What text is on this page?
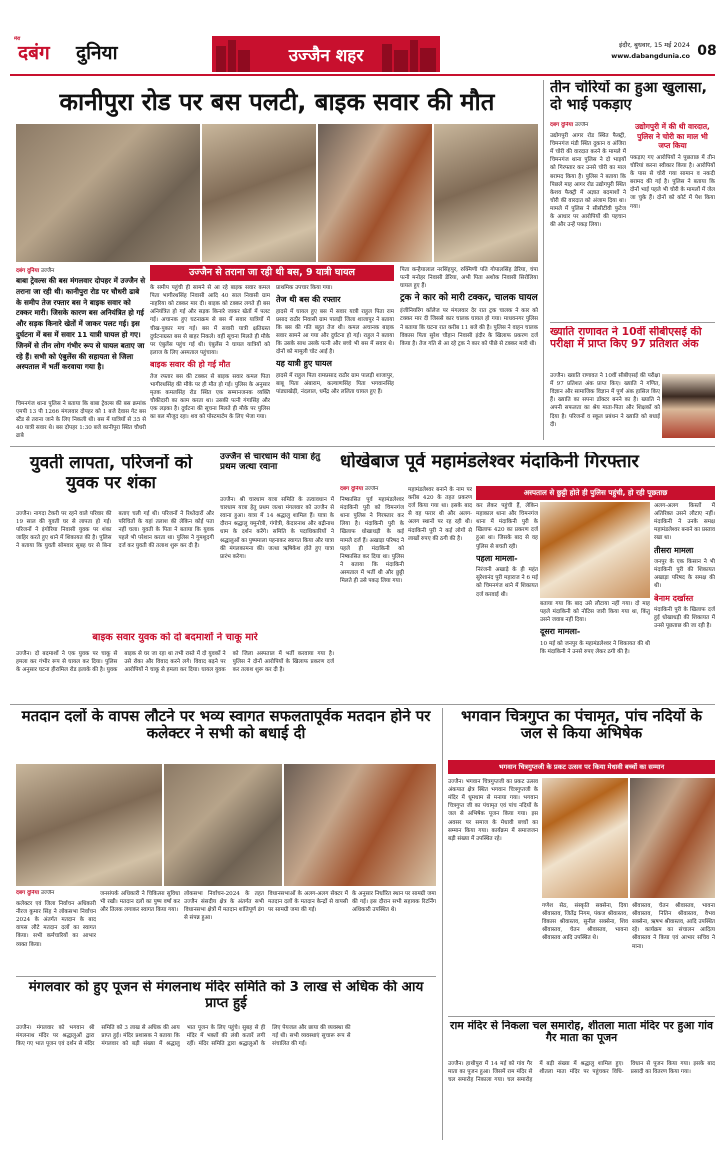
मेरा
दबंग दुनिया	उज्जैन शहर
इंदौर, बुधवार, 15 मई 2024
www.dabangdunia.co 08
कानीपुरा रोड पर बस पलटी, बाइक सवार की मौत
दबंग दुनिया उज्जैन
बाबा ट्रेवल्स की बस मंगलवार दोपहर में उज्जैन से तराना जा रही थी। कानीपुरा रोड पर चौधरी ढाबे के समीप तेज रफ्तार बस ने बाइक सवार को टक्कर मारी। जिसके कारण बस अनियंत्रित हो गई और सड़क किनारे खेतों में जाकर पलट गई। इस दुर्घटना में बस में सवार 11 यात्री घायल हो गए। जिनमें से तीन लोग गंभीर रूप से घायल बताए जा रहे हैं। सभी को एंबुलेंस की सहायता से जिला अस्पताल में भर्ती करवाया गया है।
चिमनगंज थाना पुलिस ने बताया कि बाबा ट्रेवल्स की बस क्रमांक एमपी 13 पी 1266 मंगलवार दोपहर को 1 बजे देवास गेट बस स्टैंड से तराना जाने के लिए निकली थी। बस में यात्रियों से 35 से 40 यात्री सवार थे। बस दोपहर 1:30 बजे कानीपुरा स्थित चौधरी ढाबे
उज्जैन से तराना जा रही थी बस, 9 यात्री घायल
के समीप पहुंची ही सामने से आ रहे बाइक सवार कमल पिता भागीरथसिंह निवासी आदि 40 साल निवासी ग्राम नाहरिया को टक्कर मार दी। बाइक को टक्कर लगते ही बस अनियंत्रित हो गई और सड़क किनारे जाकर खेतों में पलट गई। अचानक हुए घटनाक्रम से बस में सवार यात्रियों में चीख-पुकार मच गई। बस में सवारी यात्री क्षतिग्रस्त दुर्घटनाग्रस्त बस से बाहर निकले। वहीं सूचना मिलते ही मौके पर एंबुलेंस पहुंच गई थी। एंबुलेंस ने घायल यात्रियों को इलाज के लिए अस्पताल पहुंचाया।
बाइक सवार की हो गई मौत
तेज रफ्तार बस की टक्कर से बाइक सवार कमल पिता भागीरथसिंह की मौके पर ही मौत हो गई। पुलिस के अनुसार मृतक कमलसिंह रोड स्थित एक सम्मानजनक व्यक्ति चौकीदारी का काम करता था। उसकी पत्नी गंगासिंह और एक लड़का है। दुर्घटना की सूचना मिलते ही मौके पर पुलिस का बल मौजूद रहा। शव को पोस्टमार्टम के लिए भेजा गया।
प्राथमिक उपचार किया गया।
तेज थी बस की रफ्तार
हादसे में घायल हुए बस में सवार यात्री राहुल पिता राम प्रसाद राठौर निवासी ग्राम पालड़ी जिला शाजापुर ने बताया कि बस की गति बहुत तेज थी। कमल अचानक बाइक सवार सामने आ गया और दुर्घटना हो गई। राहुल ने बताया कि उसके साथ उसके पत्नी और बच्चे भी बस में सवार थे। दोनों को मामूली चोट आई है।
यह यात्री हुए घायल
हादसे में राहुल पिता रामप्रसाद राठौर ग्राम पालड़ी शाजापुर, बाबू पिता अंबाराम, कल्याणसिंह पिता भगवानसिंह पांड्याखेड़ी, नंदलाल, धर्मेंद्र और ललिता घायल हुए हैं।
पिता कन्हैयालाल नरसिंहपुर, रुक्मिणी पति गोपालसिंह डेरिया, चंपा पत्नी मनोहर निवासी डेरिया, अभी पिता अशोक निवासी सिरोलिया घायल हुए हैं।
ट्रक ने कार को मारी टक्कर, चालक घायल
इंजीनियरिंग कॉलेज पर मंगलवार देर रात ट्रक चालक ने कार को टक्कर मार दी जिससे कार चालक घायल हो गया। माधवनगर पुलिस ने बताया कि घटना रात करीब 11 बजे की है। पुलिस ने वाहन चालक विकास पिता सुरेश चौहान निवासी इंदौर के खिलाफ प्रकरण दर्ज किया है। तेज गति से आ रहे ट्रक ने कार को पीछे से टक्कर मारी थी।
तीन चोरियों का हुआ खुलासा, दो भाई पकड़ाए
दबंग दुनिया उज्जैन
उद्योगपुरी आगर रोड स्थित फैक्ट्री, चिमनगंज मंडी स्थित दुकान व अंजिरा में चोरी की वारदात करने के मामले में चिमनगंज थाना पुलिस ने दो भाइयों को गिरफ्तार कर उनसे चोरी का माल बरामद किया है। पुलिस ने बताया कि पिछले माह आगर रोड उद्योगपुरी स्थित केशव फैक्ट्री में अज्ञात बदमाशों ने चोरी की वारदात को अंजाम दिया था। मामले में पुलिस ने सीसीटीवी फुटेज के आधार पर आरोपियों की पहचान की और उन्हें पकड़ लिया।
उद्योगपुरी में की थी वारदात, पुलिस ने चोरी का माल भी जप्त किया
पकड़ाए गए आरोपियों ने पूछताछ में तीन चोरियां करना स्वीकार किया है। आरोपियों के पास से चोरी गया सामान व नकदी बरामद की गई है। पुलिस ने बताया कि दोनों भाई पहले भी चोरी के मामलों में जेल जा चुके हैं। दोनों को कोर्ट में पेश किया गया।
ख्याति राणावत ने 10वीं सीबीएसई की परीक्षा में प्राप्त किए 97 प्रतिशत अंक
उज्जैन। ख्याति राणावत ने 10वीं सीबीएसई की परीक्षा में 97 प्रतिशत अंक प्राप्त किए। ख्याति ने गणित, विज्ञान और सामाजिक विज्ञान में पूर्ण अंक हासिल किए हैं। ख्याति का सपना डॉक्टर बनने का है। ख्याति ने अपनी सफलता का श्रेय माता-पिता और शिक्षकों को दिया है। परिजनों व स्कूल प्रबंधन ने ख्याति को बधाई दी।
युवती लापता, परिजनों को युवक पर शंका
उज्जैन। नागदा टेकरी पर रहने वाले परिवार की 19 साल की युवती घर से लापता हो गई। परिजनों ने इंगोरिया निवासी युवक पर शंका जाहिर करते हुए थाने में शिकायत की है। पुलिस ने बताया कि युवती सोमवार सुबह घर से बिना बताए चली गई थी। परिजनों ने रिश्तेदारों और परिचितों के यहां तलाश की लेकिन कोई पता नहीं चला। युवती के पिता ने बताया कि युवक पहले भी परेशान करता था। पुलिस ने गुमशुदगी दर्ज कर युवती की तलाश शुरू कर दी है।
बाइक सवार युवक को दो बदमाशों ने चाकू मारे
उज्जैन। दो बदमाशों ने एक युवक पर चाकू से हमला कर गंभीर रूप से घायल कर दिया। पुलिस के अनुसार घटना हीरामिल रोड इलाके की है। युवक बाइक से घर जा रहा था तभी रास्ते में दो युवकों ने उसे रोका और विवाद करने लगे। विवाद बढ़ने पर आरोपियों ने चाकू से हमला कर दिया। घायल युवक को जिला अस्पताल में भर्ती करवाया गया है। पुलिस ने दोनों आरोपियों के खिलाफ प्रकरण दर्ज कर तलाश शुरू कर दी है।
उज्जैन से चारधाम की यात्रा हेतु प्रथम जत्था रवाना
उज्जैन। श्री चारधाम यात्रा समिति के तत्वावधान में चारधाम यात्रा हेतु प्रथम जत्था मंगलवार को उज्जैन से रवाना हुआ। यात्रा में 14 श्रद्धालु शामिल हैं। यात्रा के दौरान श्रद्धालु यमुनोत्री, गंगोत्री, केदारनाथ और बद्रीनाथ धाम के दर्शन करेंगे। समिति के पदाधिकारियों ने श्रद्धालुओं का पुष्पमाला पहनाकर स्वागत किया और यात्रा की मंगलकामना की। जत्था ऋषिकेश होते हुए यात्रा प्रारंभ करेगा।
धोखेबाज पूर्व महामंडलेश्वर मंदाकिनी गिरफ्तार
दबंग दुनिया उज्जैन
निष्कासित पूर्व महामंडलेश्वर मंदाकिनी पुरी को चिमनगंज थाना पुलिस ने गिरफ्तार कर लिया है। मंदाकिनी पुरी के खिलाफ धोखाधड़ी के कई मामले दर्ज हैं। अखाड़ा परिषद ने पहले ही मंदाकिनी को निष्कासित कर दिया था। पुलिस ने बताया कि मंदाकिनी अस्पताल में भर्ती थी और छुट्टी मिलते ही उसे पकड़ लिया गया।
महामंडलेश्वर बनाने के नाम पर करीब 420 के तहत प्रकरण दर्ज किया गया था। इसके बाद से वह फरार थी और अलग-अलग स्थानों पर रह रही थी। मंदाकिनी पुरी ने कई लोगों से लाखों रुपए की ठगी की है।
अस्पताल से छुट्टी होते ही पुलिस पहुंची, हो रही पूछताछ
कर लेकर पहुंची हैं, लेकिन महाकाल थाना और चिमनगंज थाना में मंदाकिनी पुरी के खिलाफ 420 का प्रकरण दर्ज हुआ था। जिसके बाद से वह पुलिस से बचती रही।
पहला मामला-
निरंजनी अखाड़े के ही महंत सुरेशानंद पुरी महाराज ने 6 मई को चिमनगंज थाने में शिकायत दर्ज करवाई थी।
बताया गया कि बाद उसे लौटाया नहीं गया। दो माह पहले मंदाकिनी को नोटिस जारी किया गया था, किंतु उसने जवाब नहीं दिया।
दूसरा मामला-
10 मई को जनपुर के महामंडलेश्वर ने शिकायत की थी कि मंदाकिनी ने उनसे रुपए लेकर ठगी की है।
अलग-अलग किस्तों में अतिरिक्त उसने लौटाए नहीं। मंदाकिनी ने उनके समक्ष महामंडलेश्वर बनाने का प्रस्ताव रखा था।
तीसरा मामला
जनपुर के एक किसान ने भी मंदाकिनी पुरी की शिकायत अखाड़ा परिषद के समक्ष की थी।
बेनाम दर्खास्त
मंदाकिनी पुरी के खिलाफ दर्ज हुई धोखाधड़ी की शिकायत में उनसे पूछताछ की जा रही है।
मतदान दलों के वापस लौटने पर भव्य स्वागत सफलतापूर्वक मतदान होने पर कलेक्टर ने सभी को बधाई दी
दबंग दुनिया उज्जैन
कलेक्टर एवं जिला निर्वाचन अधिकारी नीरज कुमार सिंह ने लोकसभा निर्वाचन 2024 के अंतर्गत मतदान के बाद वापस लौटे मतदान दलों का स्वागत किया। सभी कर्मचारियों का आभार व्यक्त किया।
जनसंपर्क अधिकारी ने चिकित्सा सुविधा भी रखी। मतदान दलों का पुष्प वर्षा कर और तिलक लगाकर स्वागत किया गया।
लोकसभा निर्वाचन-2024 के तहत उज्जैन संसदीय क्षेत्र के अंतर्गत सभी विधानसभा क्षेत्रों में मतदान शांतिपूर्ण ढंग से संपन्न हुआ।
विधानसभाओं के अलग-अलग सेक्टर में मतदान दलों के मतदान केन्द्रों से वापसी पर सामग्री जमा की गई।
के अनुसार निर्धारित स्थान पर सामग्री जमा की गई। इस दौरान सभी सहायक रिटर्निंग अधिकारी उपस्थित थे।
मंगलवार को हुए पूजन से मंगलनाथ मंदिर समिति को 3 लाख से अधिक की आय प्राप्त हुई
उज्जैन। मंगलवार को भगवान श्री मंगलनाथ मंदिर पर श्रद्धालुओं द्वारा किए गए भात पूजन एवं दर्शन से मंदिर समिति को 3 लाख से अधिक की आय प्राप्त हुई। मंदिर प्रशासक ने बताया कि मंगलवार को बड़ी संख्या में श्रद्धालु भात पूजन के लिए पहुंचे। सुबह से ही मंदिर में भक्तों की लंबी कतारें लगी रहीं। मंदिर समिति द्वारा श्रद्धालुओं के लिए पेयजल और छाया की व्यवस्था की गई थी। सभी व्यवस्थाएं सुचारू रूप से संचालित की गईं।
भगवान चित्रगुप्त का पंचामृत, पांच नदियों के जल से किया अभिषेक
भगवान चित्रगुप्तजी के प्रकट उत्सव पर किया मेधावी बच्चों का सम्मान
उज्जैन। भगवान चित्रगुप्तजी का प्रकट उत्सव अंकपात क्षेत्र स्थित भगवान चित्रगुप्तजी के मंदिर में धूमधाम से मनाया गया। भगवान चित्रगुप्त जी का पंचामृत एवं पांच नदियों के जल से अभिषेक पूजन किया गया। इस अवसर पर समाज के मेधावी बच्चों का सम्मान किया गया। कार्यक्रम में समाजजन बड़ी संख्या में उपस्थित रहे।
गणेश सेठ, संस्कृति सक्सेना, दिया श्रीवास्तव, जितेंद्र निगम, पंकज श्रीवास्तव, विकास श्रीवास्तव, सुनील सक्सेना, शिव श्रीवास्तव, चेतन श्रीवास्तव, भावना श्रीवास्तव आदि उपस्थित थे।
श्रीवास्तव, चेतन श्रीवास्तव, भावना श्रीवास्तव, नितिन श्रीवास्तव, वैभव सक्सेना, ऋषभ श्रीवास्तव, आदि उपस्थित रहे। कार्यक्रम का संचालन आदित्य श्रीवास्तव ने किया एवं आभार सचिव ने माना।
राम मंदिर से निकला चल समारोह, शीतला माता मंदिर पर हुआ गांव गैर माता का पूजन
उज्जैन। हाथीपुरा में 14 मई को गांव गैर माता का पूजन हुआ। जिसमें राम मंदिर से चल समारोह निकाला गया। चल समारोह में बड़ी संख्या में श्रद्धालु शामिल हुए। शीतला माता मंदिर पर पहुंचकर विधि-विधान से पूजन किया गया। इसके बाद प्रसादी का वितरण किया गया।
